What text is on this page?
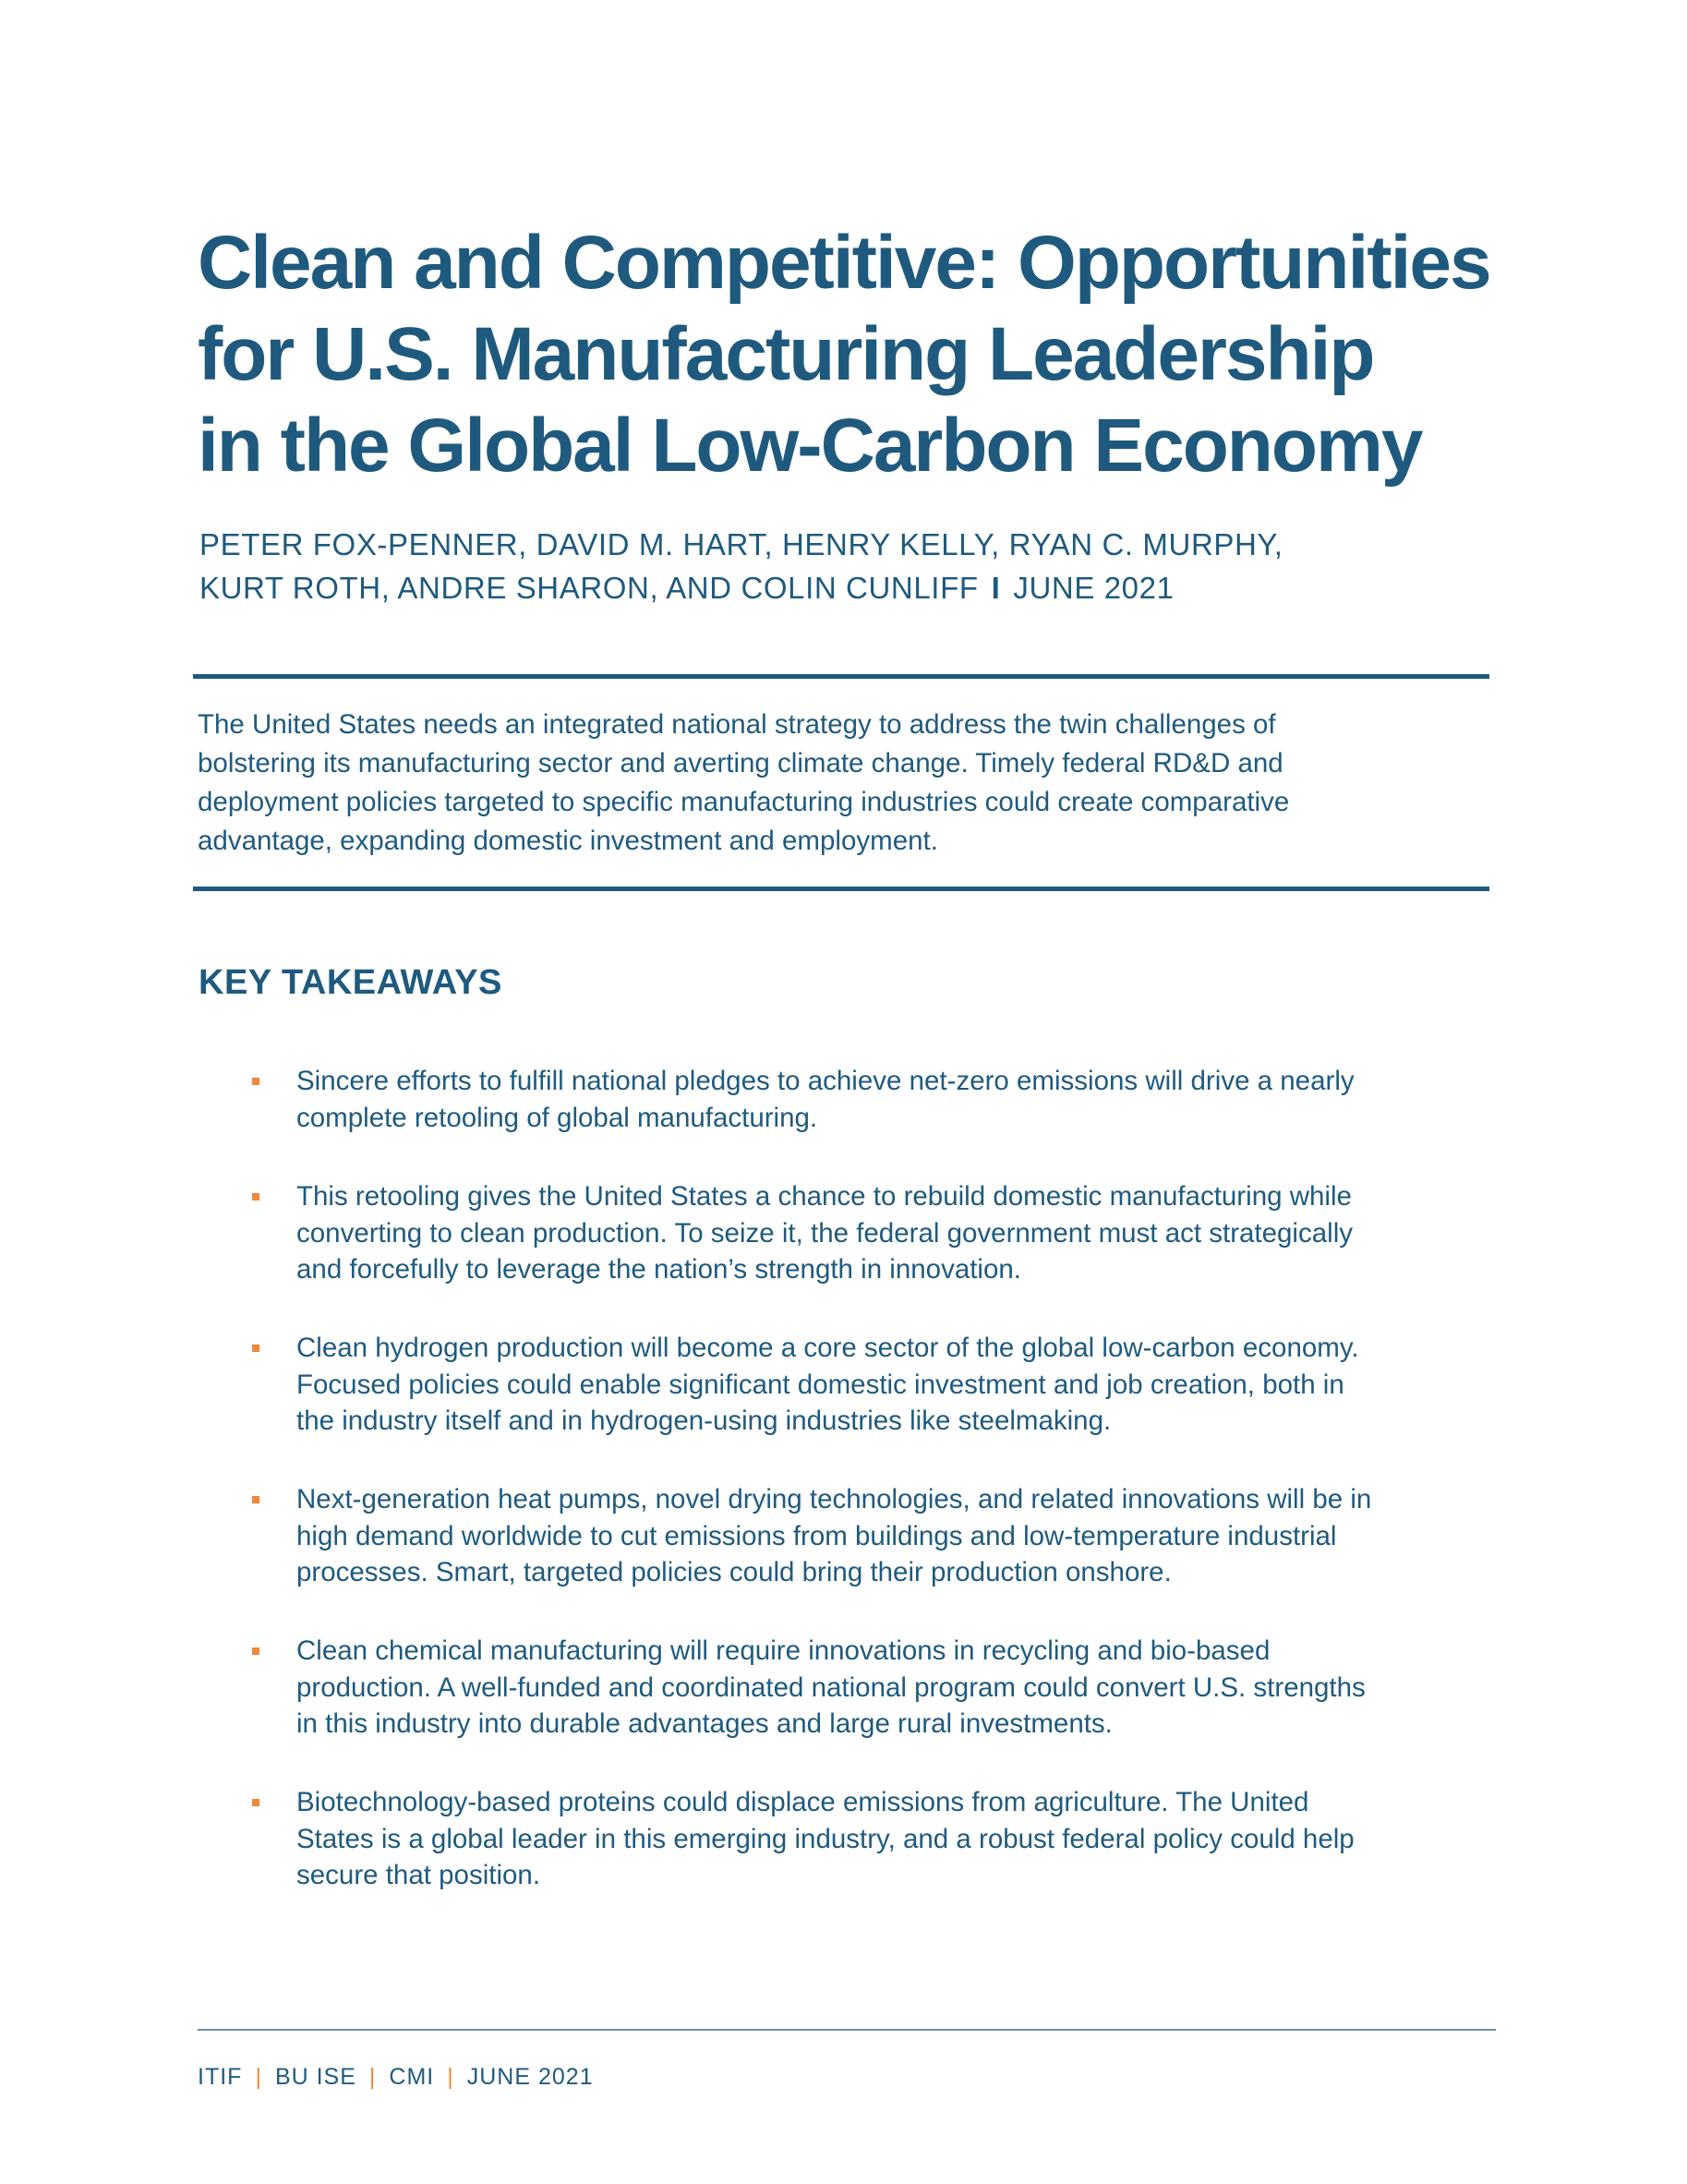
Clean and Competitive: Opportunities
for U.S. Manufacturing Leadership
in the Global Low-Carbon Economy
PETER FOX-PENNER, DAVID M. HART, HENRY KELLY, RYAN C. MURPHY,
KURT ROTH, ANDRE SHARON, AND COLIN CUNLIFF I JUNE 2021
The United States needs an integrated national strategy to address the twin challenges of
bolstering its manufacturing sector and averting climate change. Timely federal RD&D and
deployment policies targeted to specific manufacturing industries could create comparative
advantage, expanding domestic investment and employment.
KEY TAKEAWAYS
Sincere efforts to fulfill national pledges to achieve net-zero emissions will drive a nearly
complete retooling of global manufacturing.
This retooling gives the United States a chance to rebuild domestic manufacturing while
converting to clean production. To seize it, the federal government must act strategically
and forcefully to leverage the nation’s strength in innovation.
Clean hydrogen production will become a core sector of the global low-carbon economy.
Focused policies could enable significant domestic investment and job creation, both in
the industry itself and in hydrogen-using industries like steelmaking.
Next-generation heat pumps, novel drying technologies, and related innovations will be in
high demand worldwide to cut emissions from buildings and low-temperature industrial
processes. Smart, targeted policies could bring their production onshore.
Clean chemical manufacturing will require innovations in recycling and bio-based
production. A well-funded and coordinated national program could convert U.S. strengths
in this industry into durable advantages and large rural investments.
Biotechnology-based proteins could displace emissions from agriculture. The United
States is a global leader in this emerging industry, and a robust federal policy could help
secure that position.
ITIF | BU ISE | CMI | JUNE 2021
